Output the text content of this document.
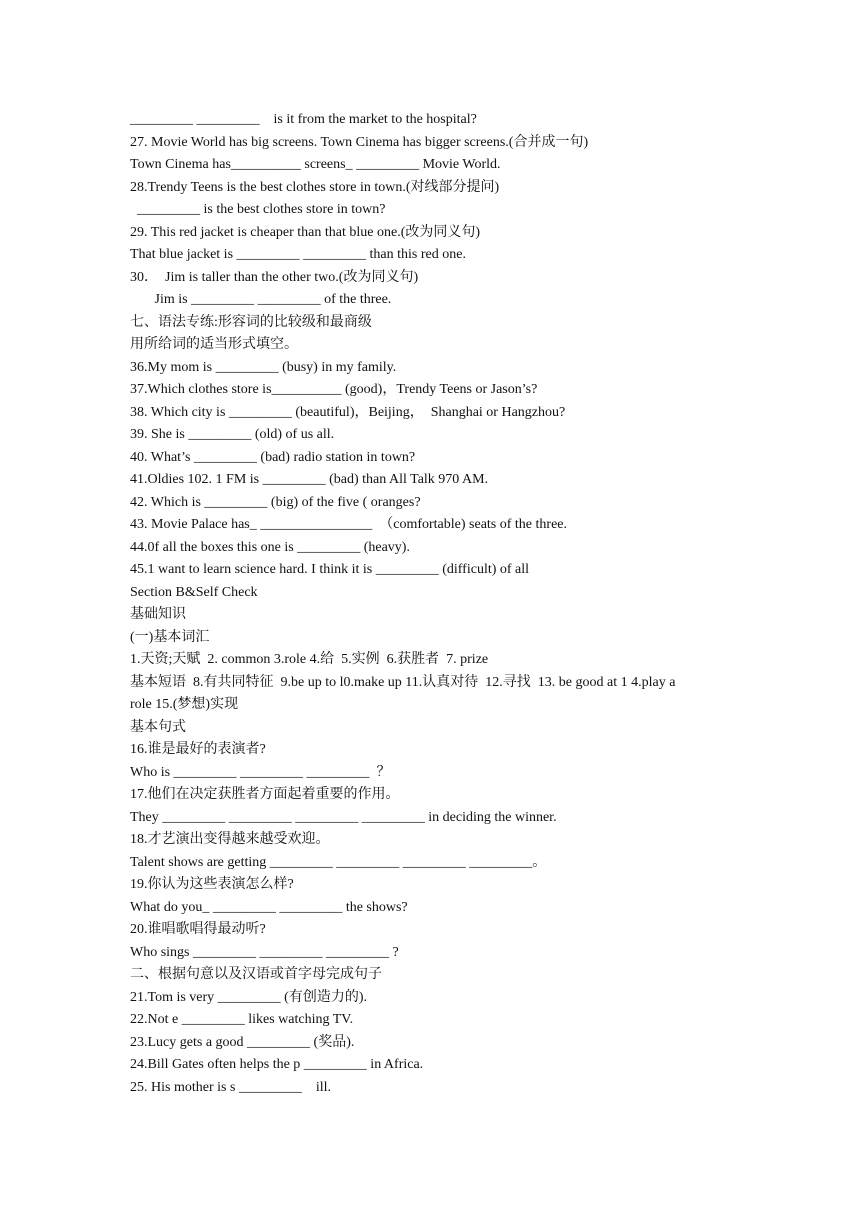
_________ _________    is it from the market to the hospital?
27. Movie World has big screens. Town Cinema has bigger screens.(合并成一句)
Town Cinema has__________ screens_ _________ Movie World.
28.Trendy Teens is the best clothes store in town.(对线部分提问)
_________ is the best clothes store in town?
29. This red jacket is cheaper than that blue one.(改为同义句)
That blue jacket is _________ _________ than this red one.
30．  Jim is taller than the other two.(改为同义句)
Jim is _________ _________ of the three.
七、语法专练:形容词的比较级和最商级
用所给词的适当形式填空。
36.My mom is _________ (busy) in my family.
37.Which clothes store is__________ (good)，Trendy Teens or Jason’s?
38. Which city is _________ (beautiful)，Beijing，  Shanghai or Hangzhou?
39. She is _________ (old) of us all.
40. What’s _________ (bad) radio station in town?
41.Oldies 102. 1 FM is _________ (bad) than All Talk 970 AM.
42. Which is _________ (big) of the five ( oranges?
43. Movie Palace has_ ________________  （comfortable) seats of the three.
44.0f all the boxes this one is _________ (heavy).
45.1 want to learn science hard. I think it is _________ (difficult) of all
Section B&Self Check
基础知识
(一)基本词汇
1.天资;天赋  2. common 3.role 4.给  5.实例  6.获胜者  7. prize
基本短语  8.有共同特征  9.be up to l0.make up 11.认真对待  12.寻找  13. be good at 1 4.play a
role 15.(梦想)实现
基本句式
16.谁是最好的表演者?
Who is _________ _________ _________  ？
17.他们在决定获胜者方面起着重要的作用。
They _________ _________ _________ _________ in deciding the winner.
18.才艺演出变得越来越受欢迎。
Talent shows are getting _________ _________ _________ _________。
19.你认为这些表演怎么样?
What do you_ _________ _________ the shows?
20.谁唱歌唱得最动听?
Who sings _________ _________ _________ ?
二、根据句意以及汉语或首字母完成句子
21.Tom is very _________ (有创造力的).
22.Not e _________ likes watching TV.
23.Lucy gets a good _________ (奖品).
24.Bill Gates often helps the p _________ in Africa.
25. His mother is s _________    ill.
